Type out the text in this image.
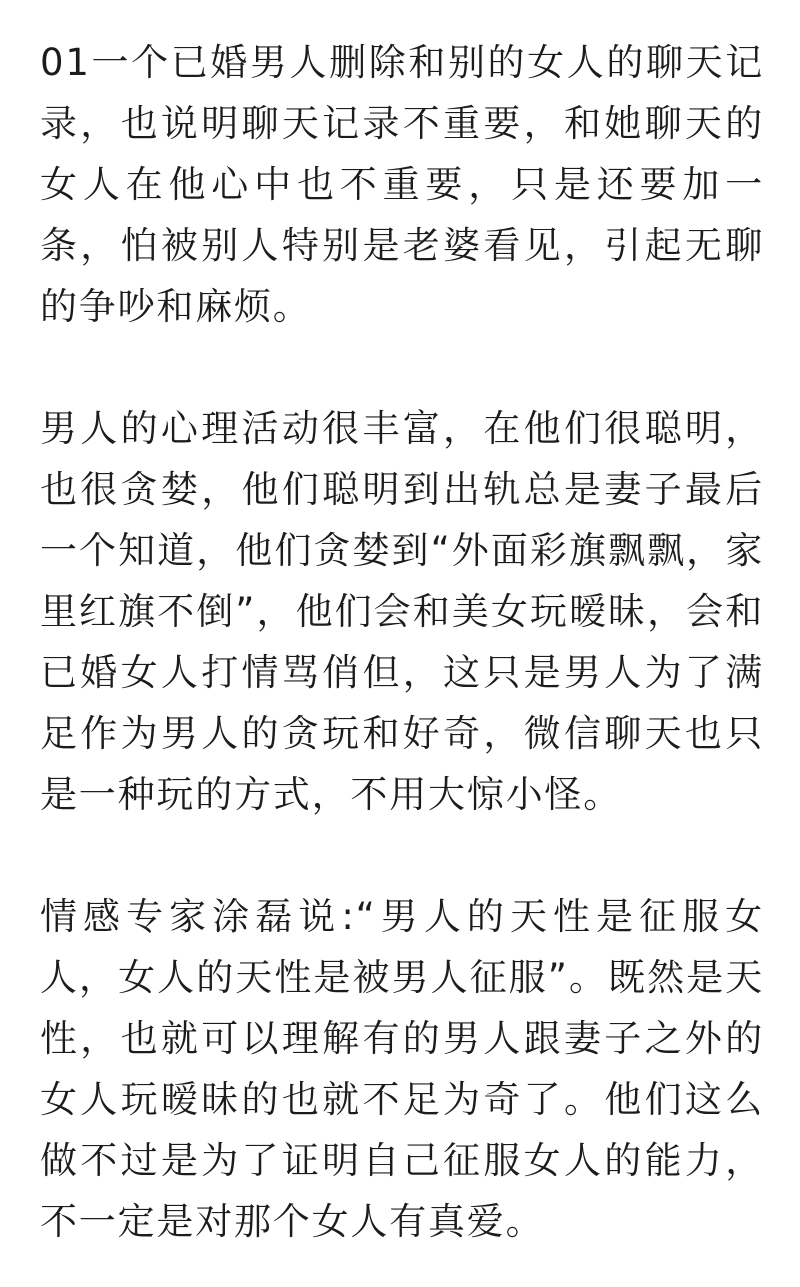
01一个已婚男人删除和别的女人的聊天记录，也说明聊天记录不重要，和她聊天的女人在他心中也不重要，只是还要加一条，怕被别人特别是老婆看见，引起无聊的争吵和麻烦。

男人的心理活动很丰富，在他们很聪明，也很贪婪，他们聪明到出轨总是妻子最后一个知道，他们贪婪到“外面彩旗飘飘，家里红旗不倒”，他们会和美女玩暧昧，会和已婚女人打情骂俏但，这只是男人为了满足作为男人的贪玩和好奇，微信聊天也只是一种玩的方式，不用大惊小怪。

情感专家涂磊说:“男人的天性是征服女人，女人的天性是被男人征服”。既然是天性，也就可以理解有的男人跟妻子之外的女人玩暧昧的也就不足为奇了。他们这么做不过是为了证明自己征服女人的能力，不一定是对那个女人有真爱。
